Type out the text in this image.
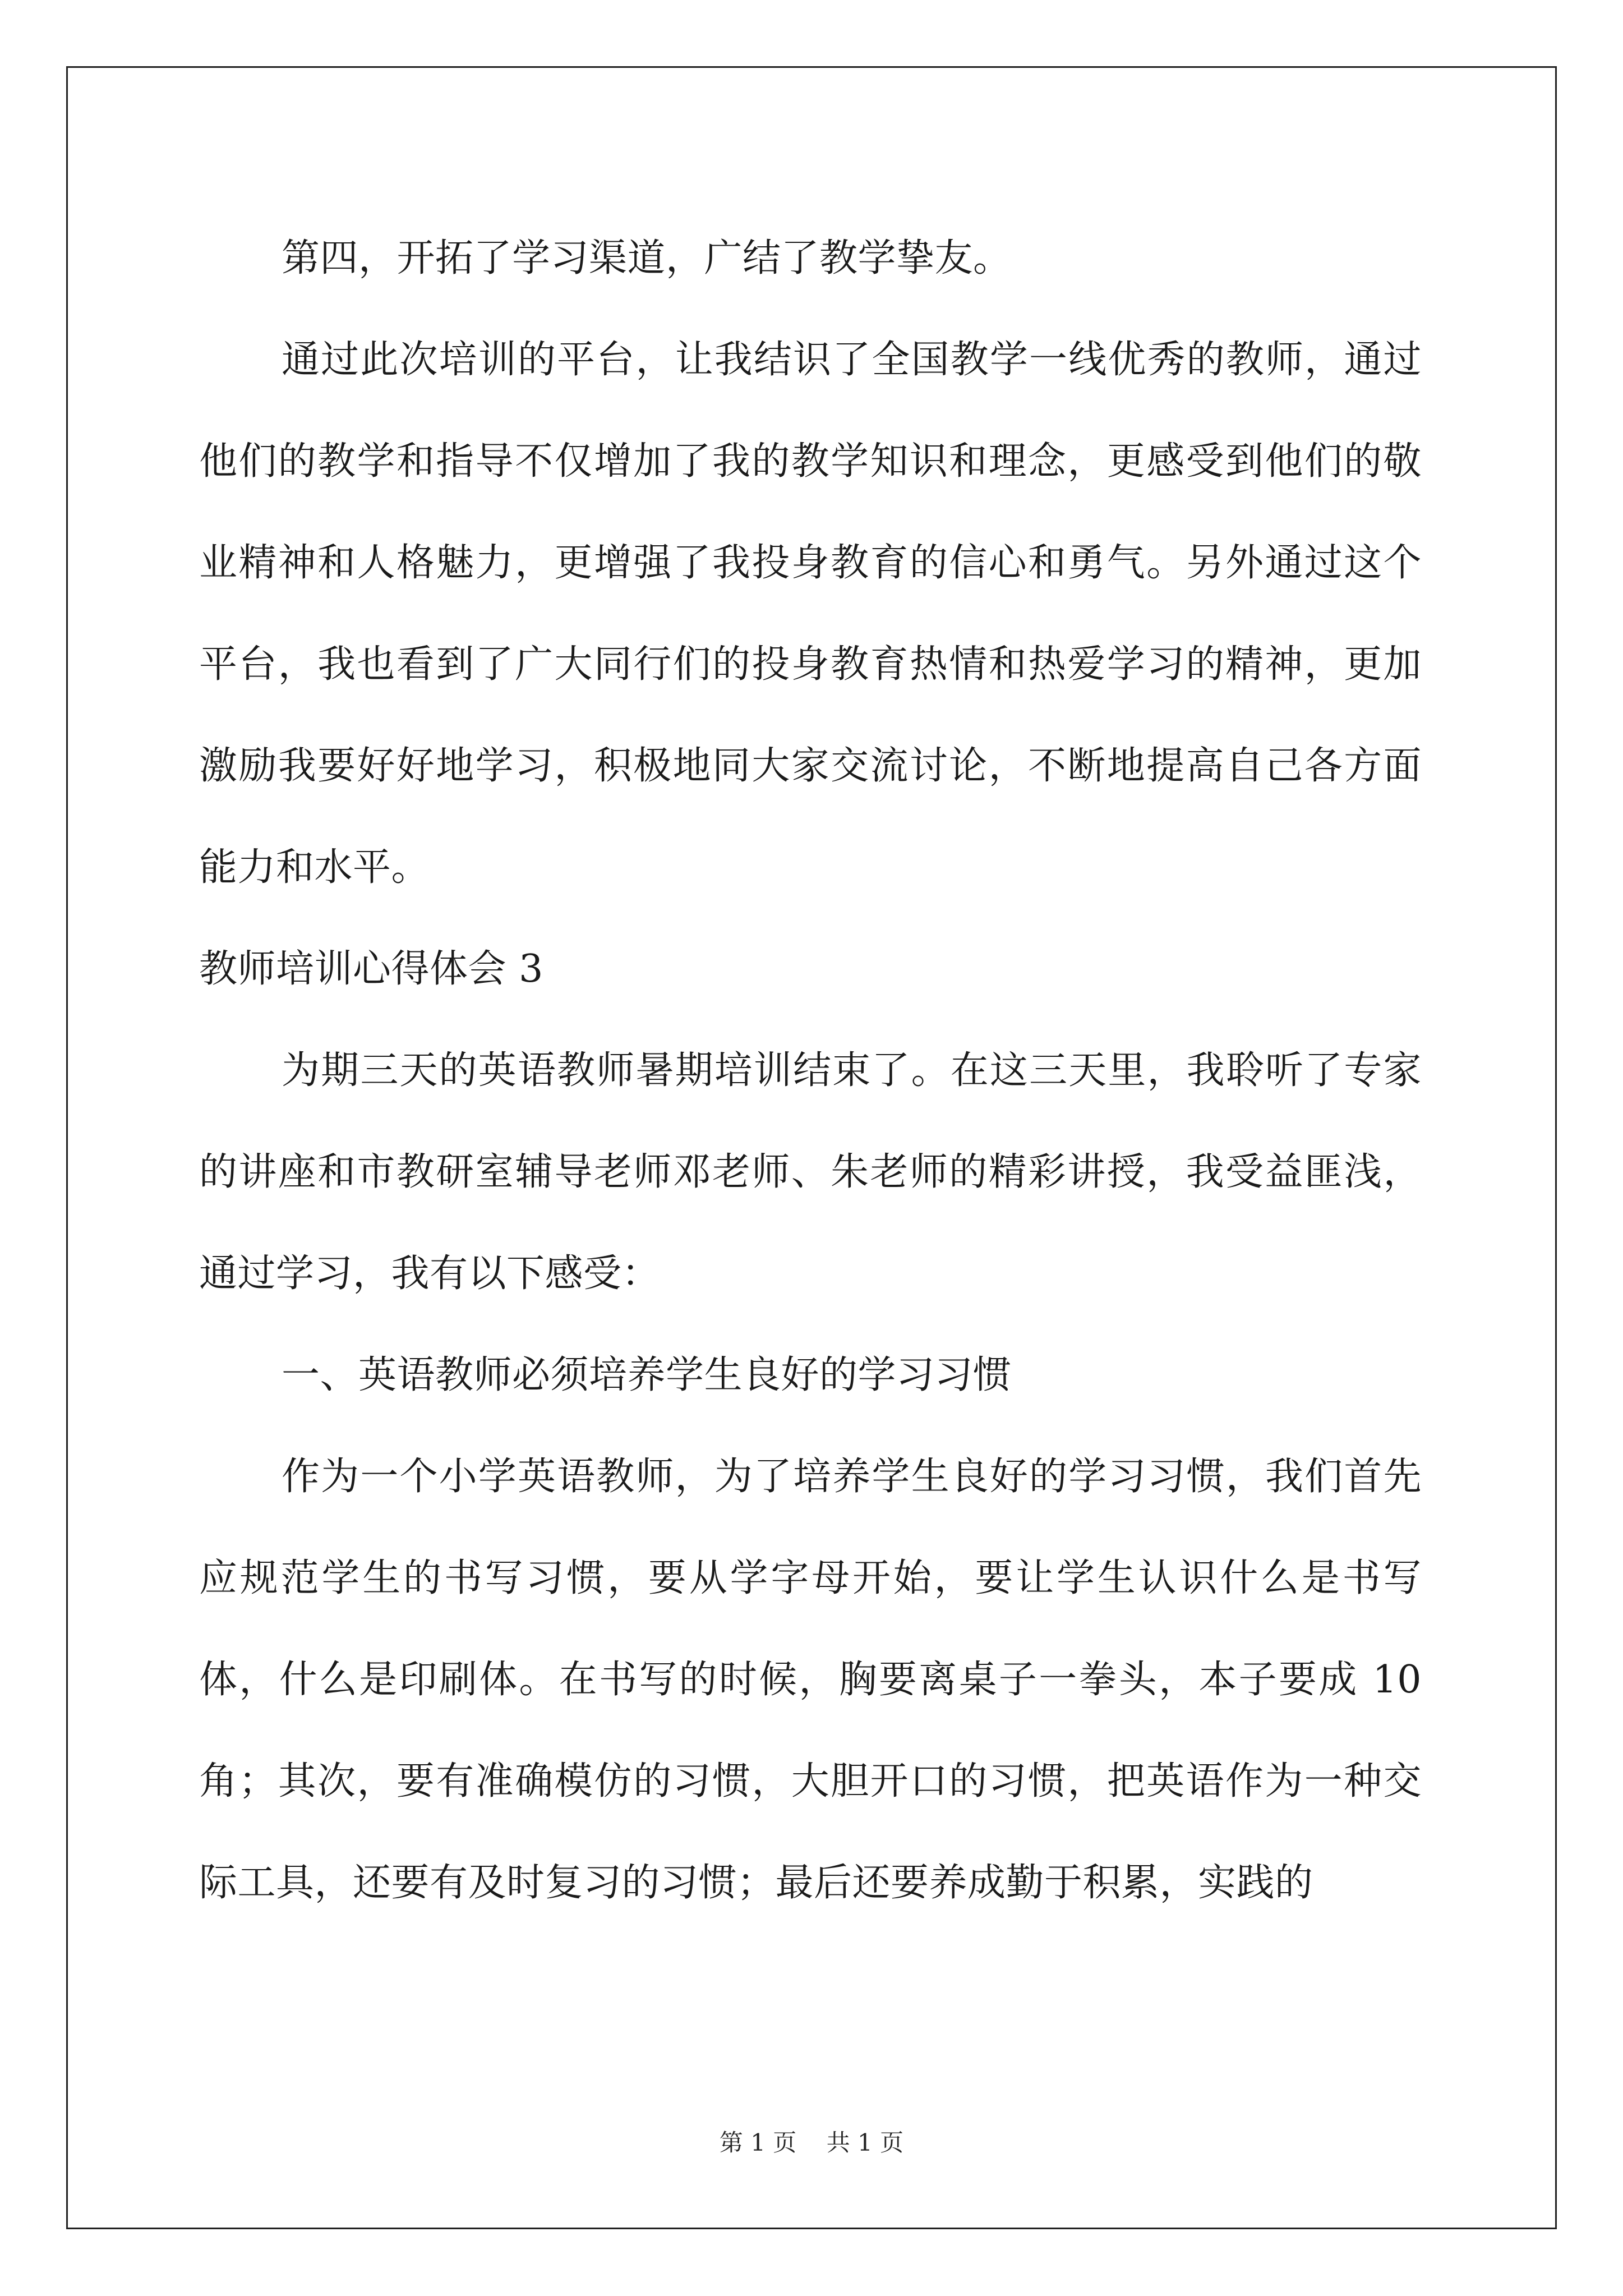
第四，开拓了学习渠道，广结了教学挚友。

通过此次培训的平台，让我结识了全国教学一线优秀的教师，通过他们的教学和指导不仅增加了我的教学知识和理念，更感受到他们的敬业精神和人格魅力，更增强了我投身教育的信心和勇气。另外通过这个平台，我也看到了广大同行们的投身教育热情和热爱学习的精神，更加激励我要好好地学习，积极地同大家交流讨论，不断地提高自己各方面能力和水平。

教师培训心得体会 3

为期三天的英语教师暑期培训结束了。在这三天里，我聆听了专家的讲座和市教研室辅导老师邓老师、朱老师的精彩讲授，我受益匪浅，通过学习，我有以下感受：

一、英语教师必须培养学生良好的学习习惯

作为一个小学英语教师，为了培养学生良好的学习习惯，我们首先应规范学生的书写习惯，要从学字母开始，要让学生认识什么是书写体，什么是印刷体。在书写的时候，胸要离桌子一拳头，本子要成 10 角；其次，要有准确模仿的习惯，大胆开口的习惯，把英语作为一种交际工具，还要有及时复习的习惯；最后还要养成勤于积累，实践的

第 1 页 共 1 页
